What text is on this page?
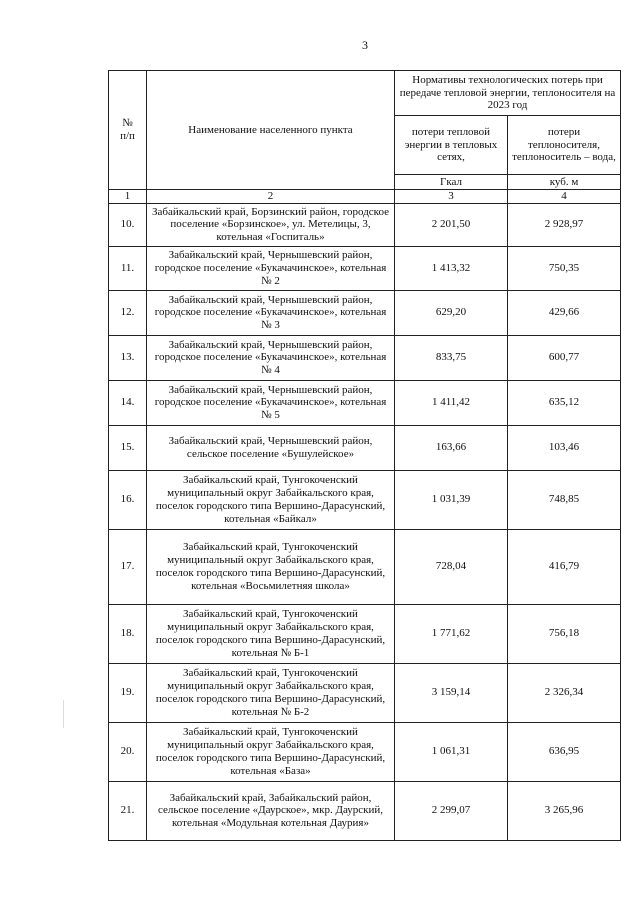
3
№
п/п	Наименование населенного пункта	Нормативы технологических потерь при передаче тепловой энергии, теплоносителя на 2023 год	
		потери тепловой энергии в тепловых сетях,	потери теплоносителя, теплоноситель – вода,
		Гкал	куб. м
1	2	3	4
10.	Забайкальский край, Борзинский район, городское поселение «Борзинское», ул. Метелицы, 3, котельная «Госпиталь»	2 201,50	2 928,97
11.	Забайкальский край, Чернышевский район, городское поселение «Букачачинское», котельная № 2	1 413,32	750,35
12.	Забайкальский край, Чернышевский район, городское поселение «Букачачинское», котельная № 3	629,20	429,66
13.	Забайкальский край, Чернышевский район, городское поселение «Букачачинское», котельная № 4	833,75	600,77
14.	Забайкальский край, Чернышевский район, городское поселение «Букачачинское», котельная № 5	1 411,42	635,12
15.	Забайкальский край, Чернышевский район, сельское поселение «Бушулейское»	163,66	103,46
16.	Забайкальский край, Тунгокоченский муниципальный округ Забайкальского края, поселок городского типа Вершино-Дарасунский, котельная «Байкал»	1 031,39	748,85
17.	Забайкальский край, Тунгокоченский муниципальный округ Забайкальского края, поселок городского типа Вершино-Дарасунский, котельная «Восьмилетняя школа»	728,04	416,79
18.	Забайкальский край, Тунгокоченский муниципальный округ Забайкальского края, поселок городского типа Вершино-Дарасунский, котельная № Б-1	1 771,62	756,18
19.	Забайкальский край, Тунгокоченский муниципальный округ Забайкальского края, поселок городского типа Вершино-Дарасунский, котельная № Б-2	3 159,14	2 326,34
20.	Забайкальский край, Тунгокоченский муниципальный округ Забайкальского края, поселок городского типа Вершино-Дарасунский, котельная «База»	1 061,31	636,95
21.	Забайкальский край, Забайкальский район, сельское поселение «Даурское», мкр. Даурский, котельная «Модульная котельная Даурия»	2 299,07	3 265,96
